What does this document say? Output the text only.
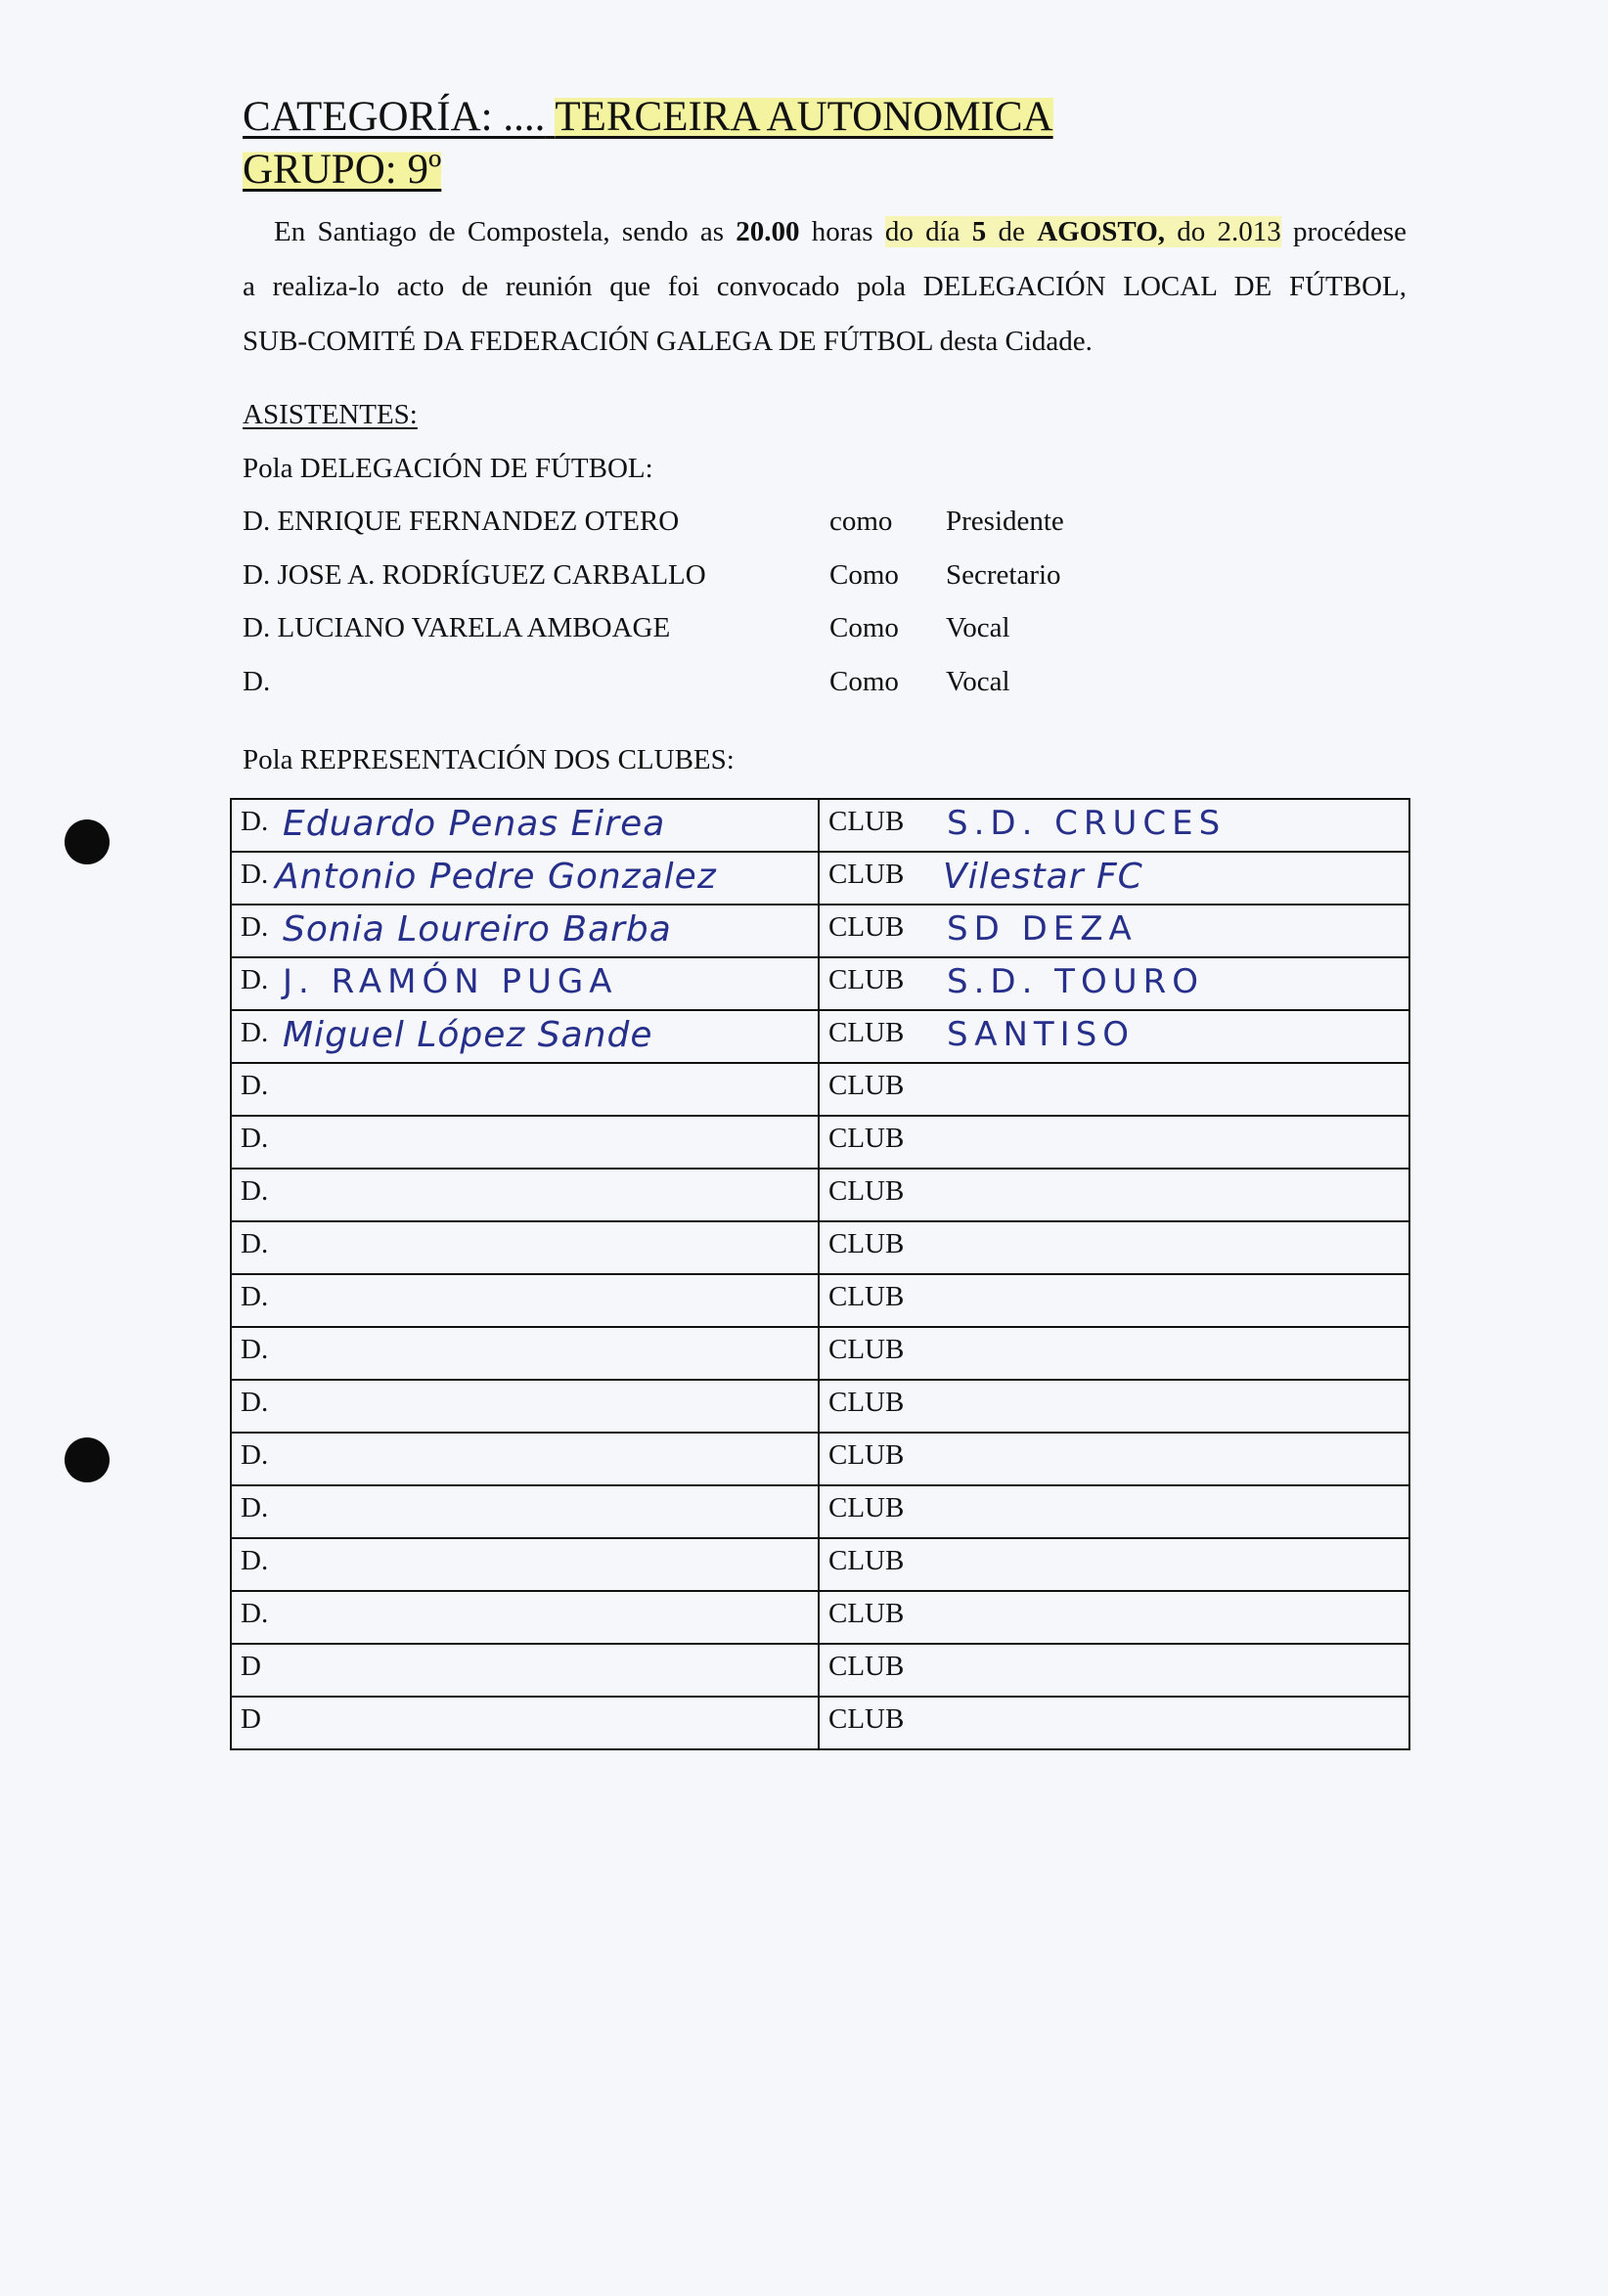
CATEGORÍA: .... TERCEIRA AUTONOMICA
GRUPO: 9º

En Santiago de Compostela, sendo as 20.00 horas do día 5 de AGOSTO, do 2.013 procédese

a realiza-lo acto de reunión que foi convocado pola DELEGACIÓN LOCAL DE FÚTBOL,

SUB-COMITÉ DA FEDERACIÓN GALEGA DE FÚTBOL desta Cidade.

ASISTENTES:
Pola DELEGACIÓN DE FÚTBOL:
D. ENRIQUE FERNANDEZ OTERO	como Presidente
D. JOSE A. RODRÍGUEZ CARBALLO	Como Secretario
D. LUCIANO VARELA AMBOAGE	Como Vocal
D.	Como Vocal
Pola REPRESENTACIÓN DOS CLUBES:
D. Eduardo Penas Eirea	CLUB S.D. CRUCES

D. Antonio Pedre Gonzalez	CLUB Vilestar FC

D. Sonia Loureiro Barba	CLUB SD DEZA

D. J. RAMÓN PUGA	CLUB S.D. TOURO

D. Miguel López Sande	CLUB SANTISO

D.	CLUB

D.	CLUB

D.	CLUB

D.	CLUB

D.	CLUB

D.	CLUB

D.	CLUB

D.	CLUB

D.	CLUB

D.	CLUB

D.	CLUB

D	CLUB

D	CLUB
